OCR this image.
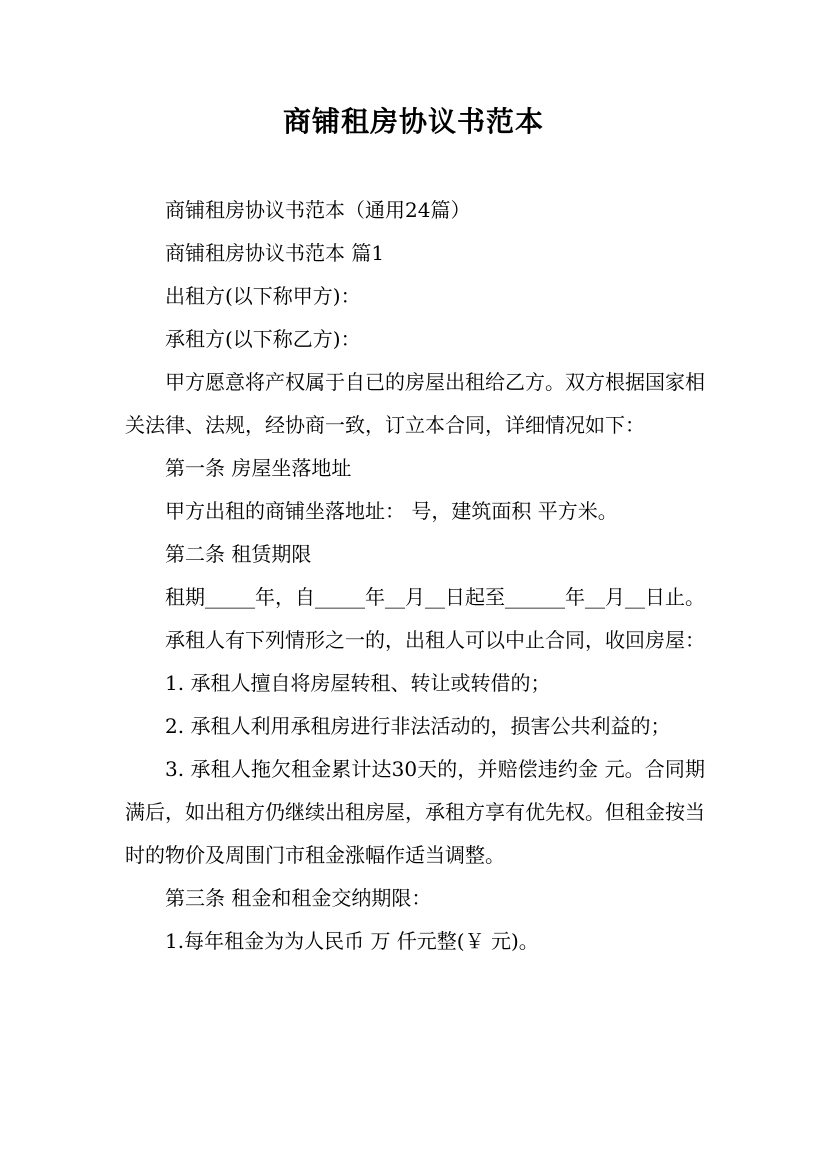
商铺租房协议书范本

商铺租房协议书范本（通用24篇）

商铺租房协议书范本 篇1

出租方(以下称甲方)：

承租方(以下称乙方)：

甲方愿意将产权属于自已的房屋出租给乙方。双方根据国家相关法律、法规，经协商一致，订立本合同，详细情况如下：

第一条 房屋坐落地址

甲方出租的商铺坐落地址： 号，建筑面积 平方米。

第二条 租赁期限

租期_____年，自_____年__月__日起至______年__月__日止。

承租人有下列情形之一的，出租人可以中止合同，收回房屋：

1. 承租人擅自将房屋转租、转让或转借的；

2. 承租人利用承租房进行非法活动的，损害公共利益的；

3. 承租人拖欠租金累计达30天的，并赔偿违约金 元。合同期满后，如出租方仍继续出租房屋，承租方享有优先权。但租金按当时的物价及周围门市租金涨幅作适当调整。

第三条 租金和租金交纳期限：

1.每年租金为为人民币 万 仟元整(￥ 元)。
